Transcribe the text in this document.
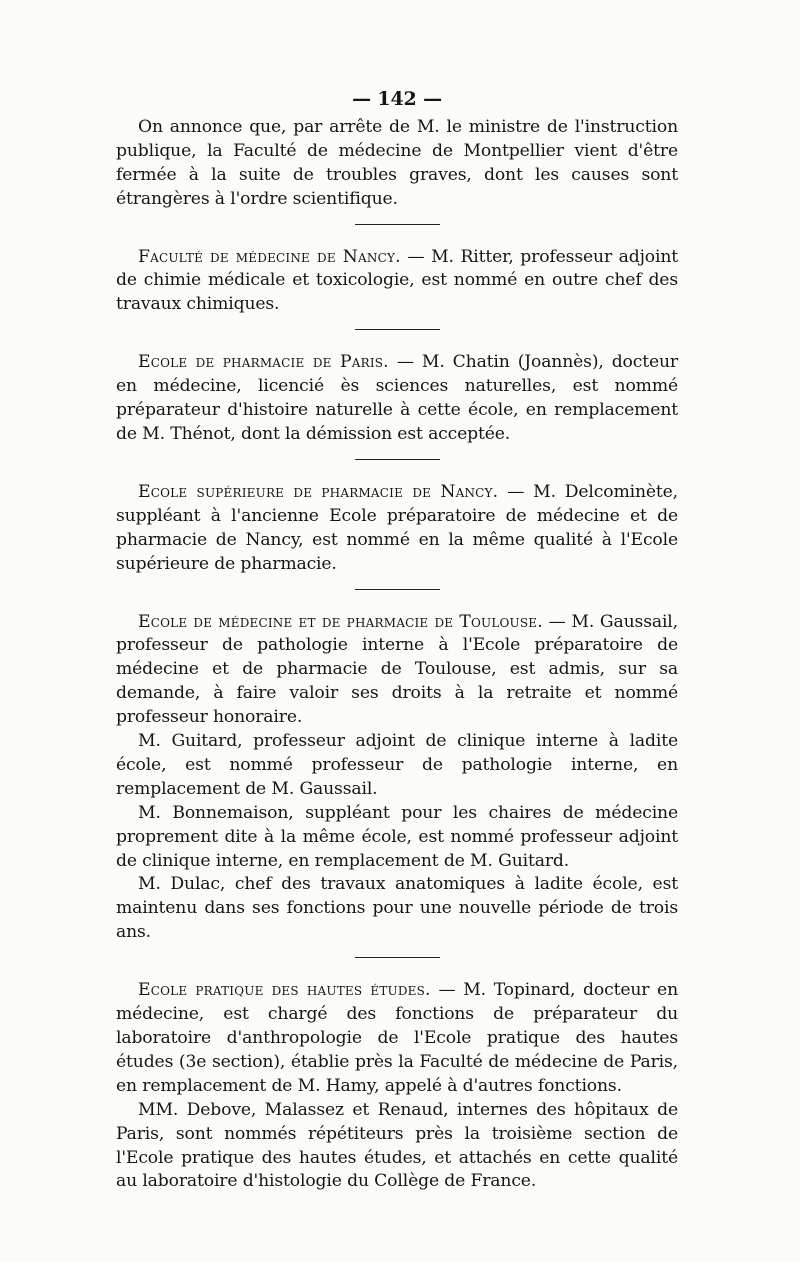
— 142 —

On annonce que, par arrête de M. le ministre de l'instruction publique, la Faculté de médecine de Montpellier vient d'être fermée à la suite de troubles graves, dont les causes sont étrangères à l'ordre scientifique.

Faculté de médecine de Nancy. — M. Ritter, professeur adjoint de chimie médicale et toxicologie, est nommé en outre chef des travaux chimiques.

Ecole de pharmacie de Paris. — M. Chatin (Joannès), docteur en médecine, licencié ès sciences naturelles, est nommé préparateur d'histoire naturelle à cette école, en remplacement de M. Thénot, dont la démission est acceptée.

Ecole supérieure de pharmacie de Nancy. — M. Delcominète, suppléant à l'ancienne Ecole préparatoire de médecine et de pharmacie de Nancy, est nommé en la même qualité à l'Ecole supérieure de pharmacie.

Ecole de médecine et de pharmacie de Toulouse. — M. Gaussail, professeur de pathologie interne à l'Ecole préparatoire de médecine et de pharmacie de Toulouse, est admis, sur sa demande, à faire valoir ses droits à la retraite et nommé professeur honoraire.

M. Guitard, professeur adjoint de clinique interne à ladite école, est nommé professeur de pathologie interne, en remplacement de M. Gaussail.

M. Bonnemaison, suppléant pour les chaires de médecine proprement dite à la même école, est nommé professeur adjoint de clinique interne, en remplacement de M. Guitard.

M. Dulac, chef des travaux anatomiques à ladite école, est maintenu dans ses fonctions pour une nouvelle période de trois ans.

Ecole pratique des hautes études. — M. Topinard, docteur en médecine, est chargé des fonctions de préparateur du laboratoire d'anthropologie de l'Ecole pratique des hautes études (3e section), établie près la Faculté de médecine de Paris, en remplacement de M. Hamy, appelé à d'autres fonctions.

MM. Debove, Malassez et Renaud, internes des hôpitaux de Paris, sont nommés répétiteurs près la troisième section de l'Ecole pratique des hautes études, et attachés en cette qualité au laboratoire d'histologie du Collège de France.
